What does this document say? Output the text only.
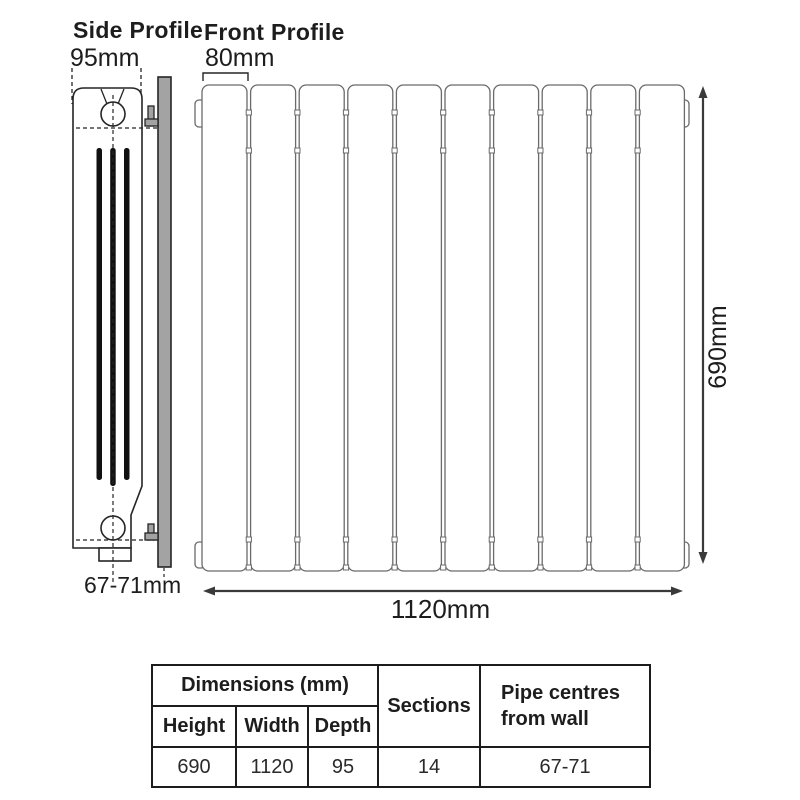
Side Profile
95mm
Front Profile
80mm
67-71mm
690mm
1120mm
Dimensions (mm)			Sections	Pipe centres from wall
Height	Width	Depth		
690	1120	95	14	67-71
